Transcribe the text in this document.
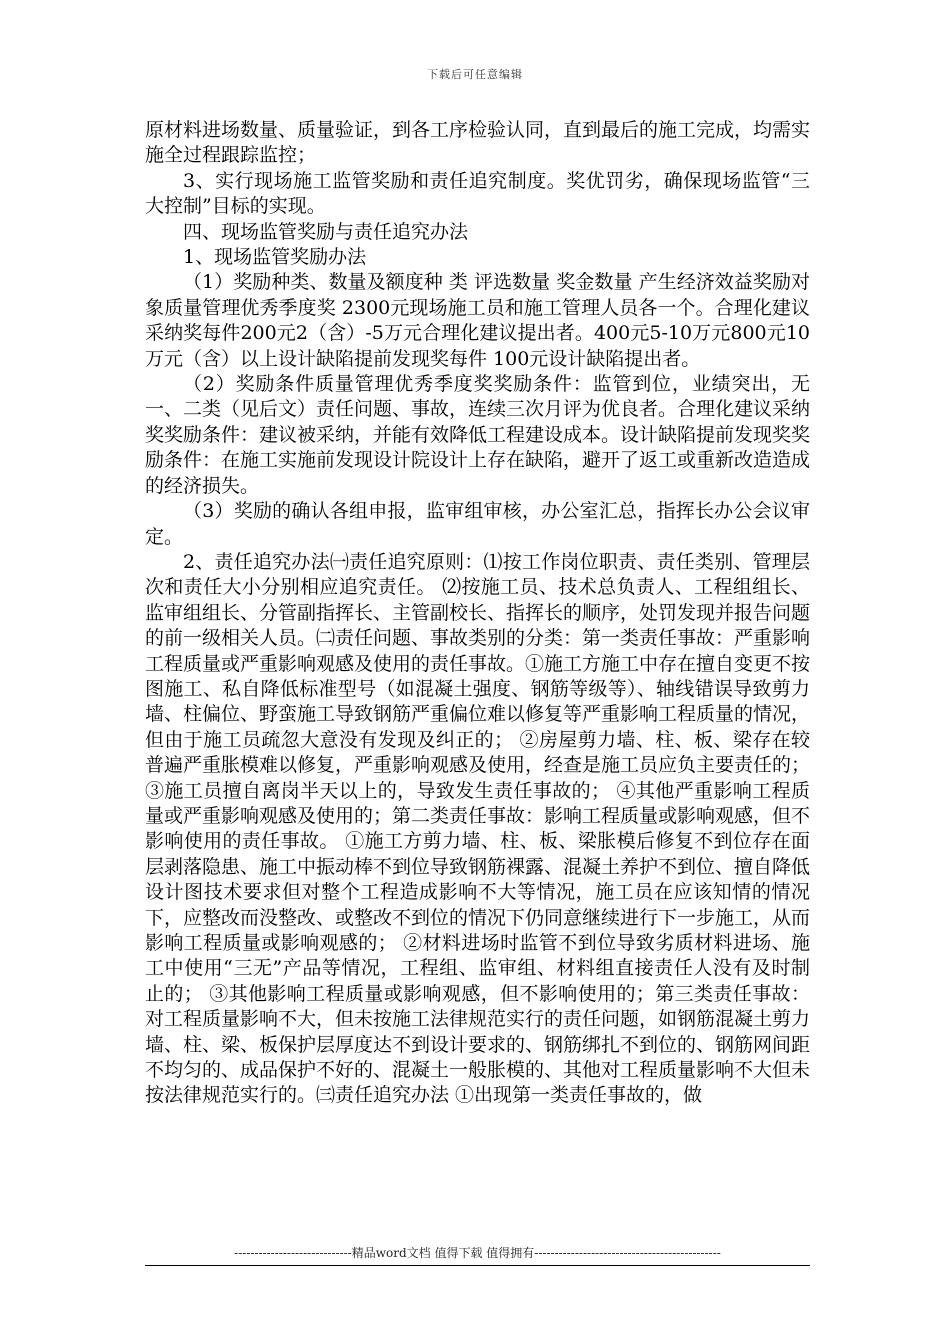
下载后可任意编辑

原材料进场数量、质量验证，到各工序检验认同，直到最后的施工完成，均需实施全过程跟踪监控；

3、实行现场施工监管奖励和责任追究制度。奖优罚劣，确保现场监管“三大控制”目标的实现。

四、现场监管奖励与责任追究办法

1、现场监管奖励办法

（1）奖励种类、数量及额度种 类 评选数量 奖金数量 产生经济效益奖励对象质量管理优秀季度奖 2300元现场施工员和施工管理人员各一个。合理化建议采纳奖每件200元2（含）-5万元合理化建议提出者。400元5-10万元800元10万元（含）以上设计缺陷提前发现奖每件 100元设计缺陷提出者。

（2）奖励条件质量管理优秀季度奖奖励条件：监管到位，业绩突出，无一、二类（见后文）责任问题、事故，连续三次月评为优良者。合理化建议采纳奖奖励条件：建议被采纳，并能有效降低工程建设成本。设计缺陷提前发现奖奖励条件：在施工实施前发现设计院设计上存在缺陷，避开了返工或重新改造造成的经济损失。

（3）奖励的确认各组申报，监审组审核，办公室汇总，指挥长办公会议审定。

2、责任追究办法㈠责任追究原则：⑴按工作岗位职责、责任类别、管理层次和责任大小分别相应追究责任。 ⑵按施工员、技术总负责人、工程组组长、监审组组长、分管副指挥长、主管副校长、指挥长的顺序，处罚发现并报告问题的前一级相关人员。㈡责任问题、事故类别的分类：第一类责任事故：严重影响工程质量或严重影响观感及使用的责任事故。①施工方施工中存在擅自变更不按图施工、私自降低标准型号（如混凝土强度、钢筋等级等）、轴线错误导致剪力墙、柱偏位、野蛮施工导致钢筋严重偏位难以修复等严重影响工程质量的情况，但由于施工员疏忽大意没有发现及纠正的； ②房屋剪力墙、柱、板、梁存在较普遍严重胀模难以修复，严重影响观感及使用，经查是施工员应负主要责任的； ③施工员擅自离岗半天以上的，导致发生责任事故的； ④其他严重影响工程质量或严重影响观感及使用的；第二类责任事故：影响工程质量或影响观感，但不影响使用的责任事故。 ①施工方剪力墙、柱、板、梁胀模后修复不到位存在面层剥落隐患、施工中振动棒不到位导致钢筋裸露、混凝土养护不到位、擅自降低设计图技术要求但对整个工程造成影响不大等情况，施工员在应该知情的情况下，应整改而没整改、或整改不到位的情况下仍同意继续进行下一步施工，从而影响工程质量或影响观感的； ②材料进场时监管不到位导致劣质材料进场、施工中使用“三无”产品等情况，工程组、监审组、材料组直接责任人没有及时制止的； ③其他影响工程质量或影响观感，但不影响使用的；第三类责任事故：对工程质量影响不大，但未按施工法律规范实行的责任问题，如钢筋混凝土剪力墙、柱、梁、板保护层厚度达不到设计要求的、钢筋绑扎不到位的、钢筋网间距不均匀的、成品保护不好的、混凝土一般胀模的、其他对工程质量影响不大但未按法律规范实行的。㈢责任追究办法 ①出现第一类责任事故的，做

-----------------------------精品word文档 值得下载 值得拥有----------------------------------------------
